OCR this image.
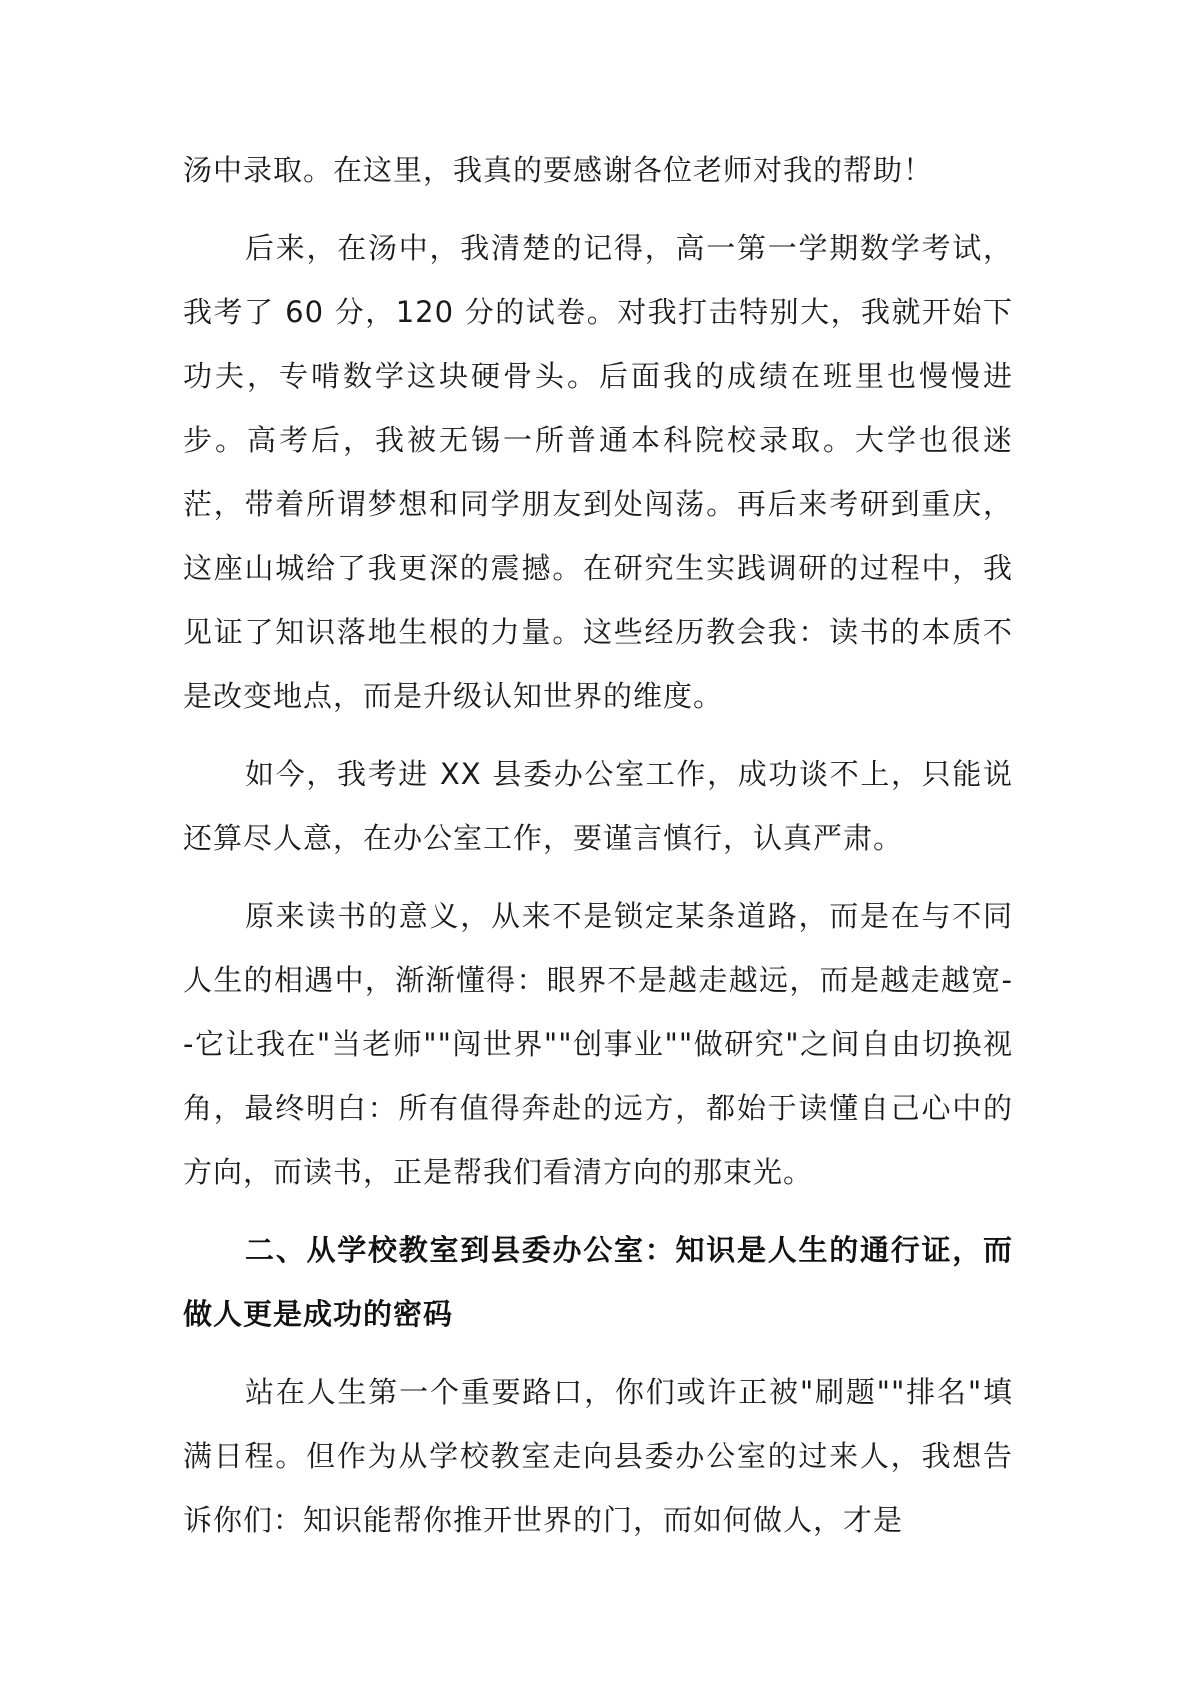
汤中录取。在这里，我真的要感谢各位老师对我的帮助！

后来，在汤中，我清楚的记得，高一第一学期数学考试，我考了 60 分，120 分的试卷。对我打击特别大，我就开始下功夫，专啃数学这块硬骨头。后面我的成绩在班里也慢慢进步。高考后，我被无锡一所普通本科院校录取。大学也很迷茫，带着所谓梦想和同学朋友到处闯荡。再后来考研到重庆，这座山城给了我更深的震撼。在研究生实践调研的过程中，我见证了知识落地生根的力量。这些经历教会我：读书的本质不是改变地点，而是升级认知世界的维度。

如今，我考进 XX 县委办公室工作，成功谈不上，只能说还算尽人意，在办公室工作，要谨言慎行，认真严肃。

原来读书的意义，从来不是锁定某条道路，而是在与不同人生的相遇中，渐渐懂得：眼界不是越走越远，而是越走越宽--它让我在"当老师""闯世界""创事业""做研究"之间自由切换视角，最终明白：所有值得奔赴的远方，都始于读懂自己心中的方向，而读书，正是帮我们看清方向的那束光。

二、从学校教室到县委办公室：知识是人生的通行证，而做人更是成功的密码

站在人生第一个重要路口，你们或许正被"刷题""排名"填满日程。但作为从学校教室走向县委办公室的过来人，我想告诉你们：知识能帮你推开世界的门，而如何做人，才是
